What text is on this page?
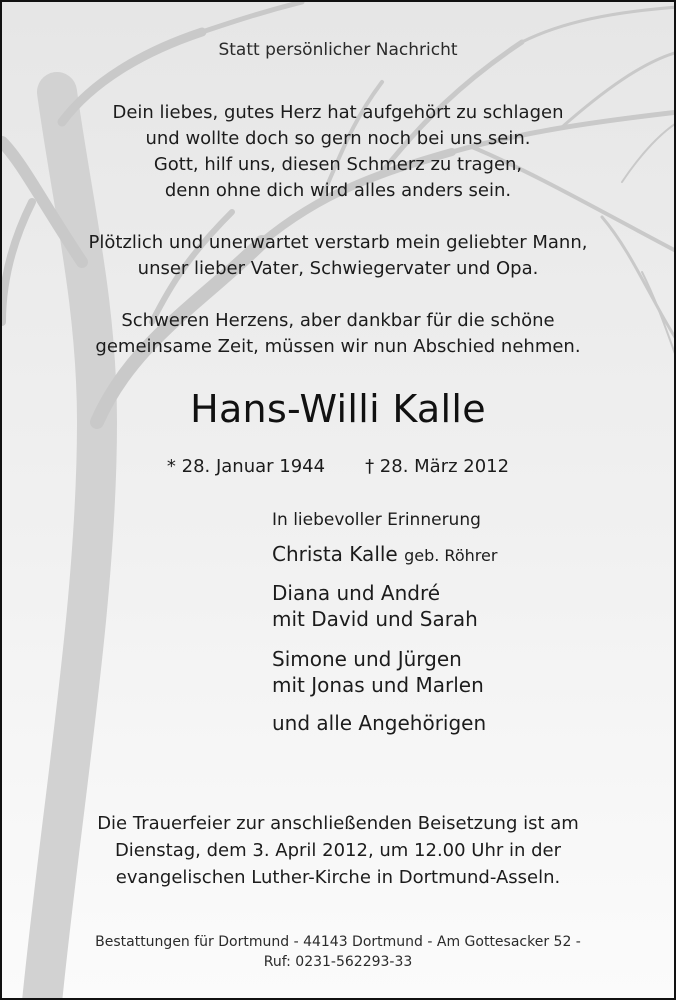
Statt persönlicher Nachricht

Dein liebes, gutes Herz hat aufgehört zu schlagen

und wollte doch so gern noch bei uns sein.

Gott, hilf uns, diesen Schmerz zu tragen,

denn ohne dich wird alles anders sein.

Plötzlich und unerwartet verstarb mein geliebter Mann,

unser lieber Vater, Schwiegervater und Opa.

Schweren Herzens, aber dankbar für die schöne

gemeinsame Zeit, müssen wir nun Abschied nehmen.

Hans-Willi Kalle

* 28. Januar 1944 † 28. März 2012

In liebevoller Erinnerung

Christa Kalle geb. Röhrer

Diana und André

mit David und Sarah

Simone und Jürgen

mit Jonas und Marlen

und alle Angehörigen

Die Trauerfeier zur anschließenden Beisetzung ist am

Dienstag, dem 3. April 2012, um 12.00 Uhr in der

evangelischen Luther-Kirche in Dortmund-Asseln.

Bestattungen für Dortmund - 44143 Dortmund - Am Gottesacker 52 -

Ruf: 0231-562293-33
